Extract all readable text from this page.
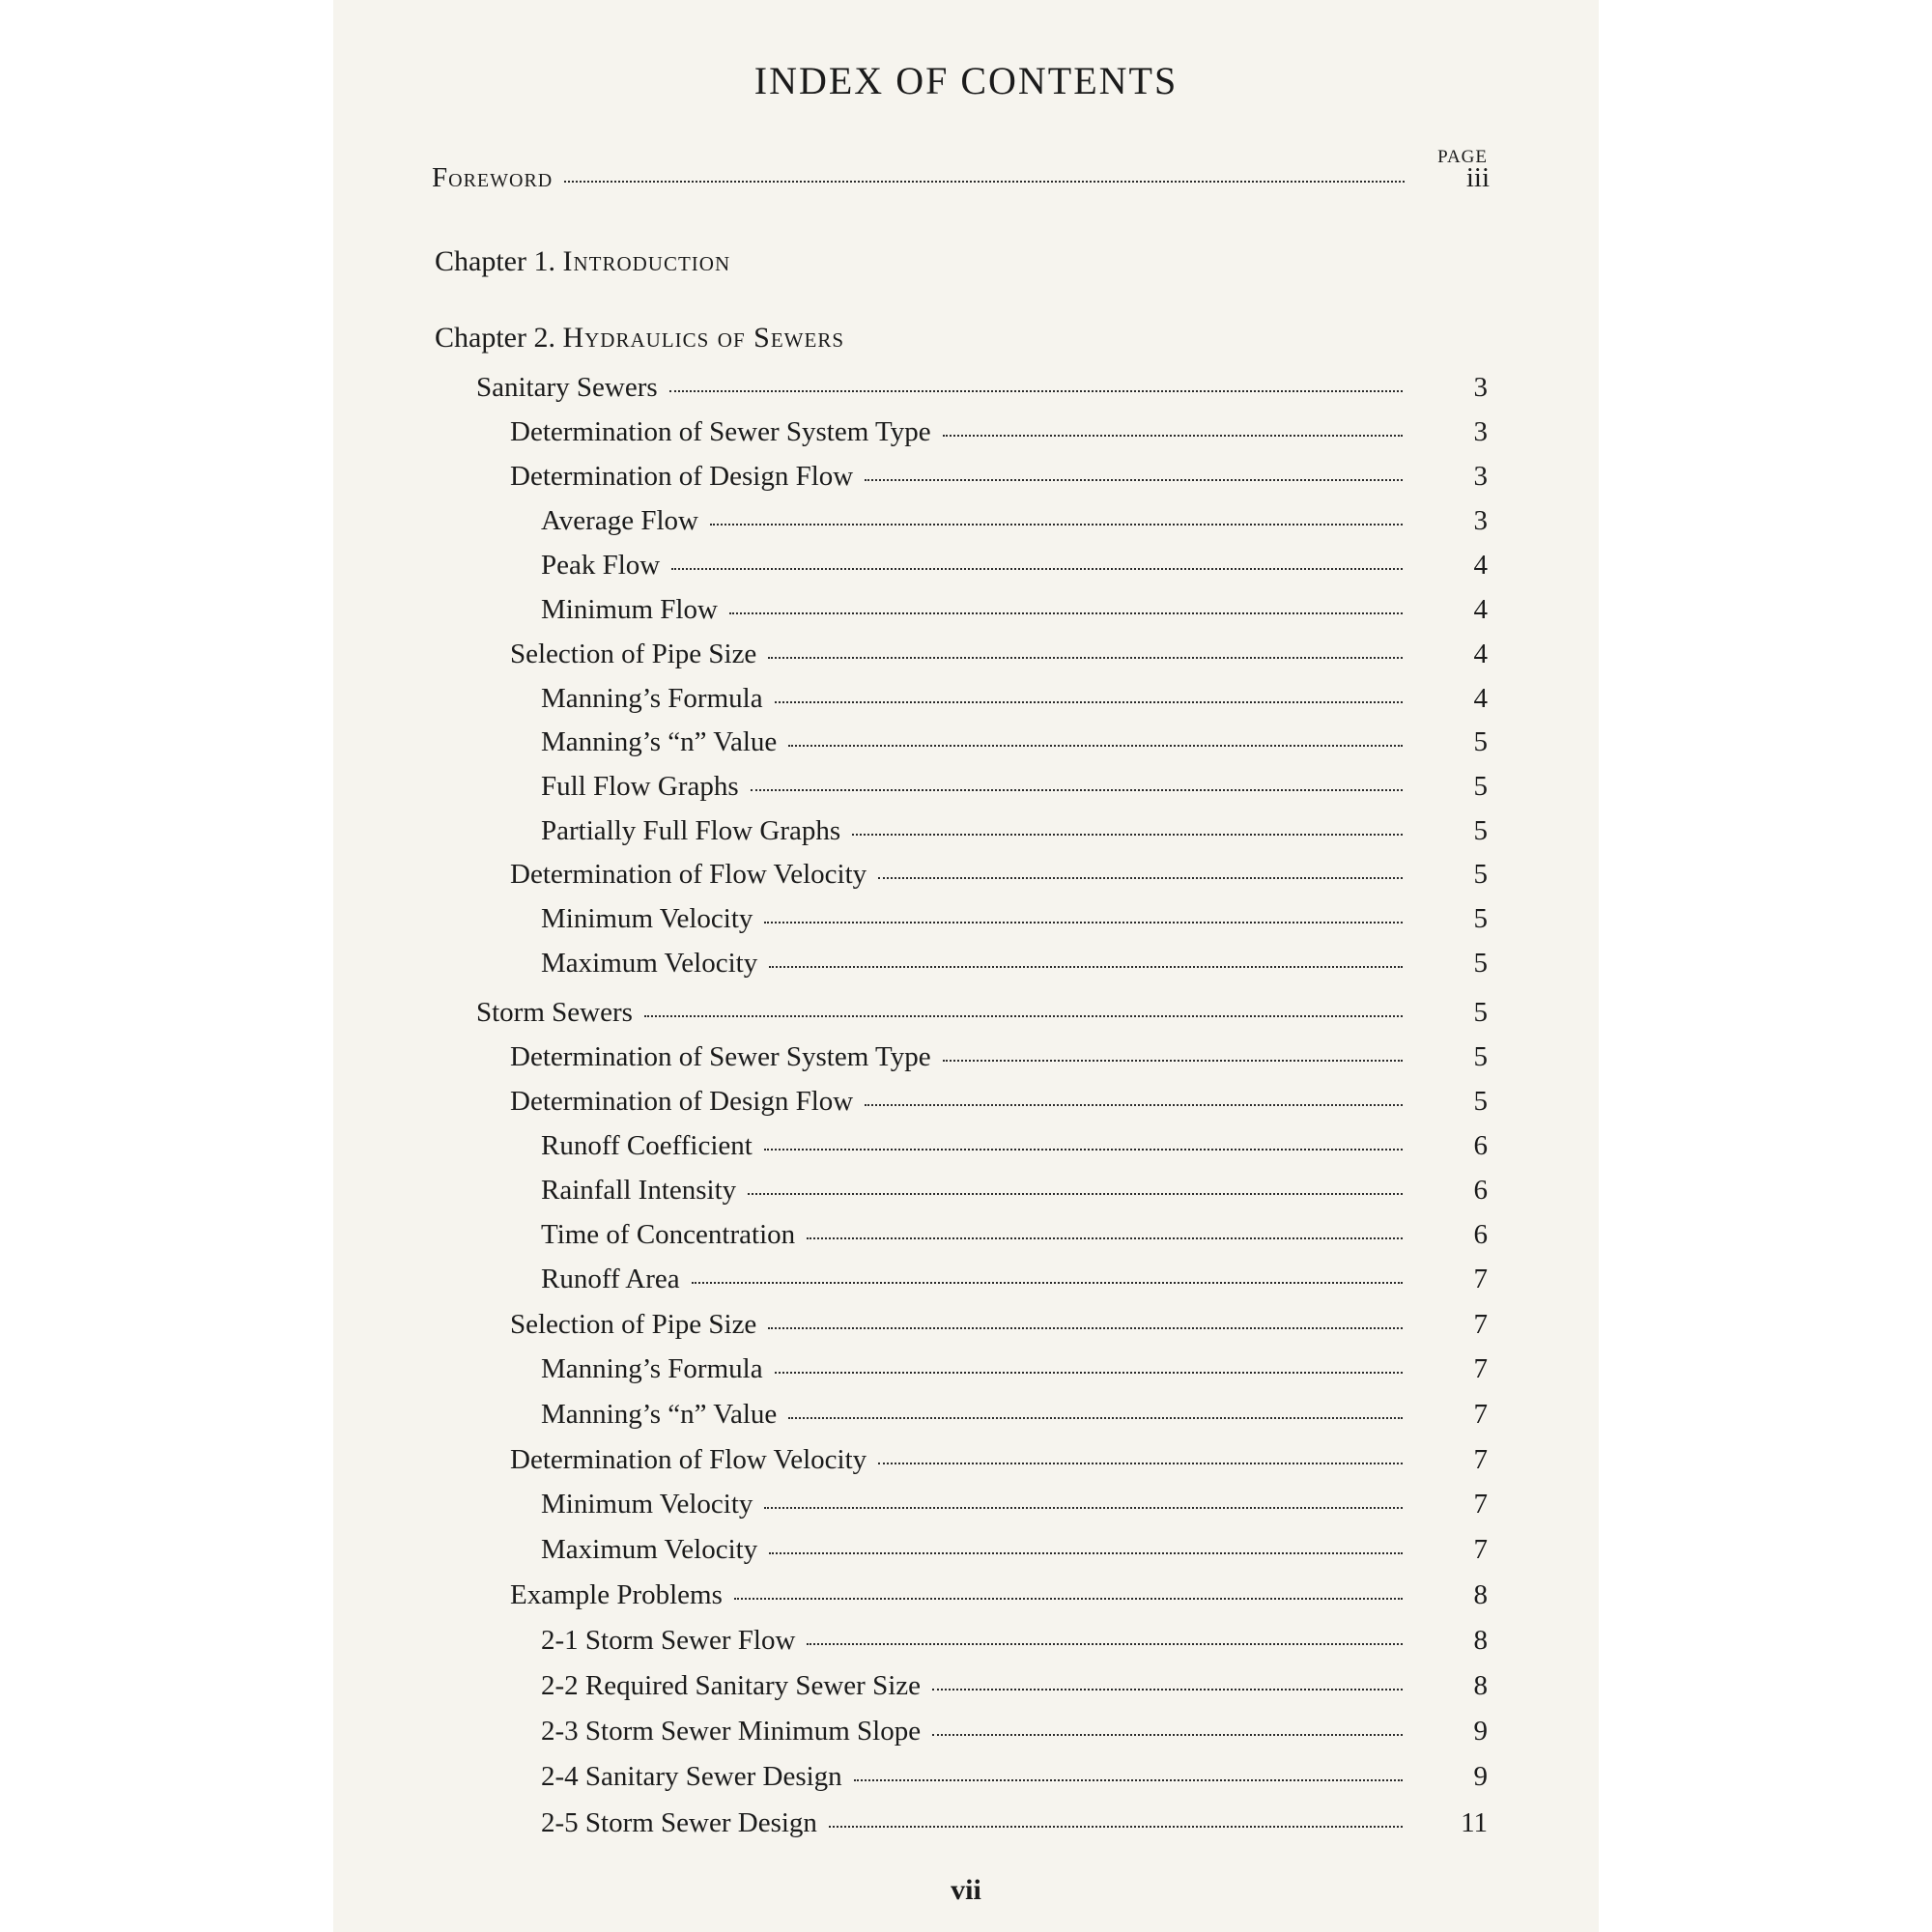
INDEX OF CONTENTS
PAGE
Foreword	iii
Chapter 1. Introduction
Chapter 2. Hydraulics of Sewers
Sanitary Sewers	3
Determination of Sewer System Type	3
Determination of Design Flow	3
Average Flow	3
Peak Flow	4
Minimum Flow	4
Selection of Pipe Size	4
Manning’s Formula	4
Manning’s “n” Value	5
Full Flow Graphs	5
Partially Full Flow Graphs	5
Determination of Flow Velocity	5
Minimum Velocity	5
Maximum Velocity	5
Storm Sewers	5
Determination of Sewer System Type	5
Determination of Design Flow	5
Runoff Coefficient	6
Rainfall Intensity	6
Time of Concentration	6
Runoff Area	7
Selection of Pipe Size	7
Manning’s Formula	7
Manning’s “n” Value	7
Determination of Flow Velocity	7
Minimum Velocity	7
Maximum Velocity	7
Example Problems	8
2-1 Storm Sewer Flow	8
2-2 Required Sanitary Sewer Size	8
2-3 Storm Sewer Minimum Slope	9
2-4 Sanitary Sewer Design	9
2-5 Storm Sewer Design	11
vii
